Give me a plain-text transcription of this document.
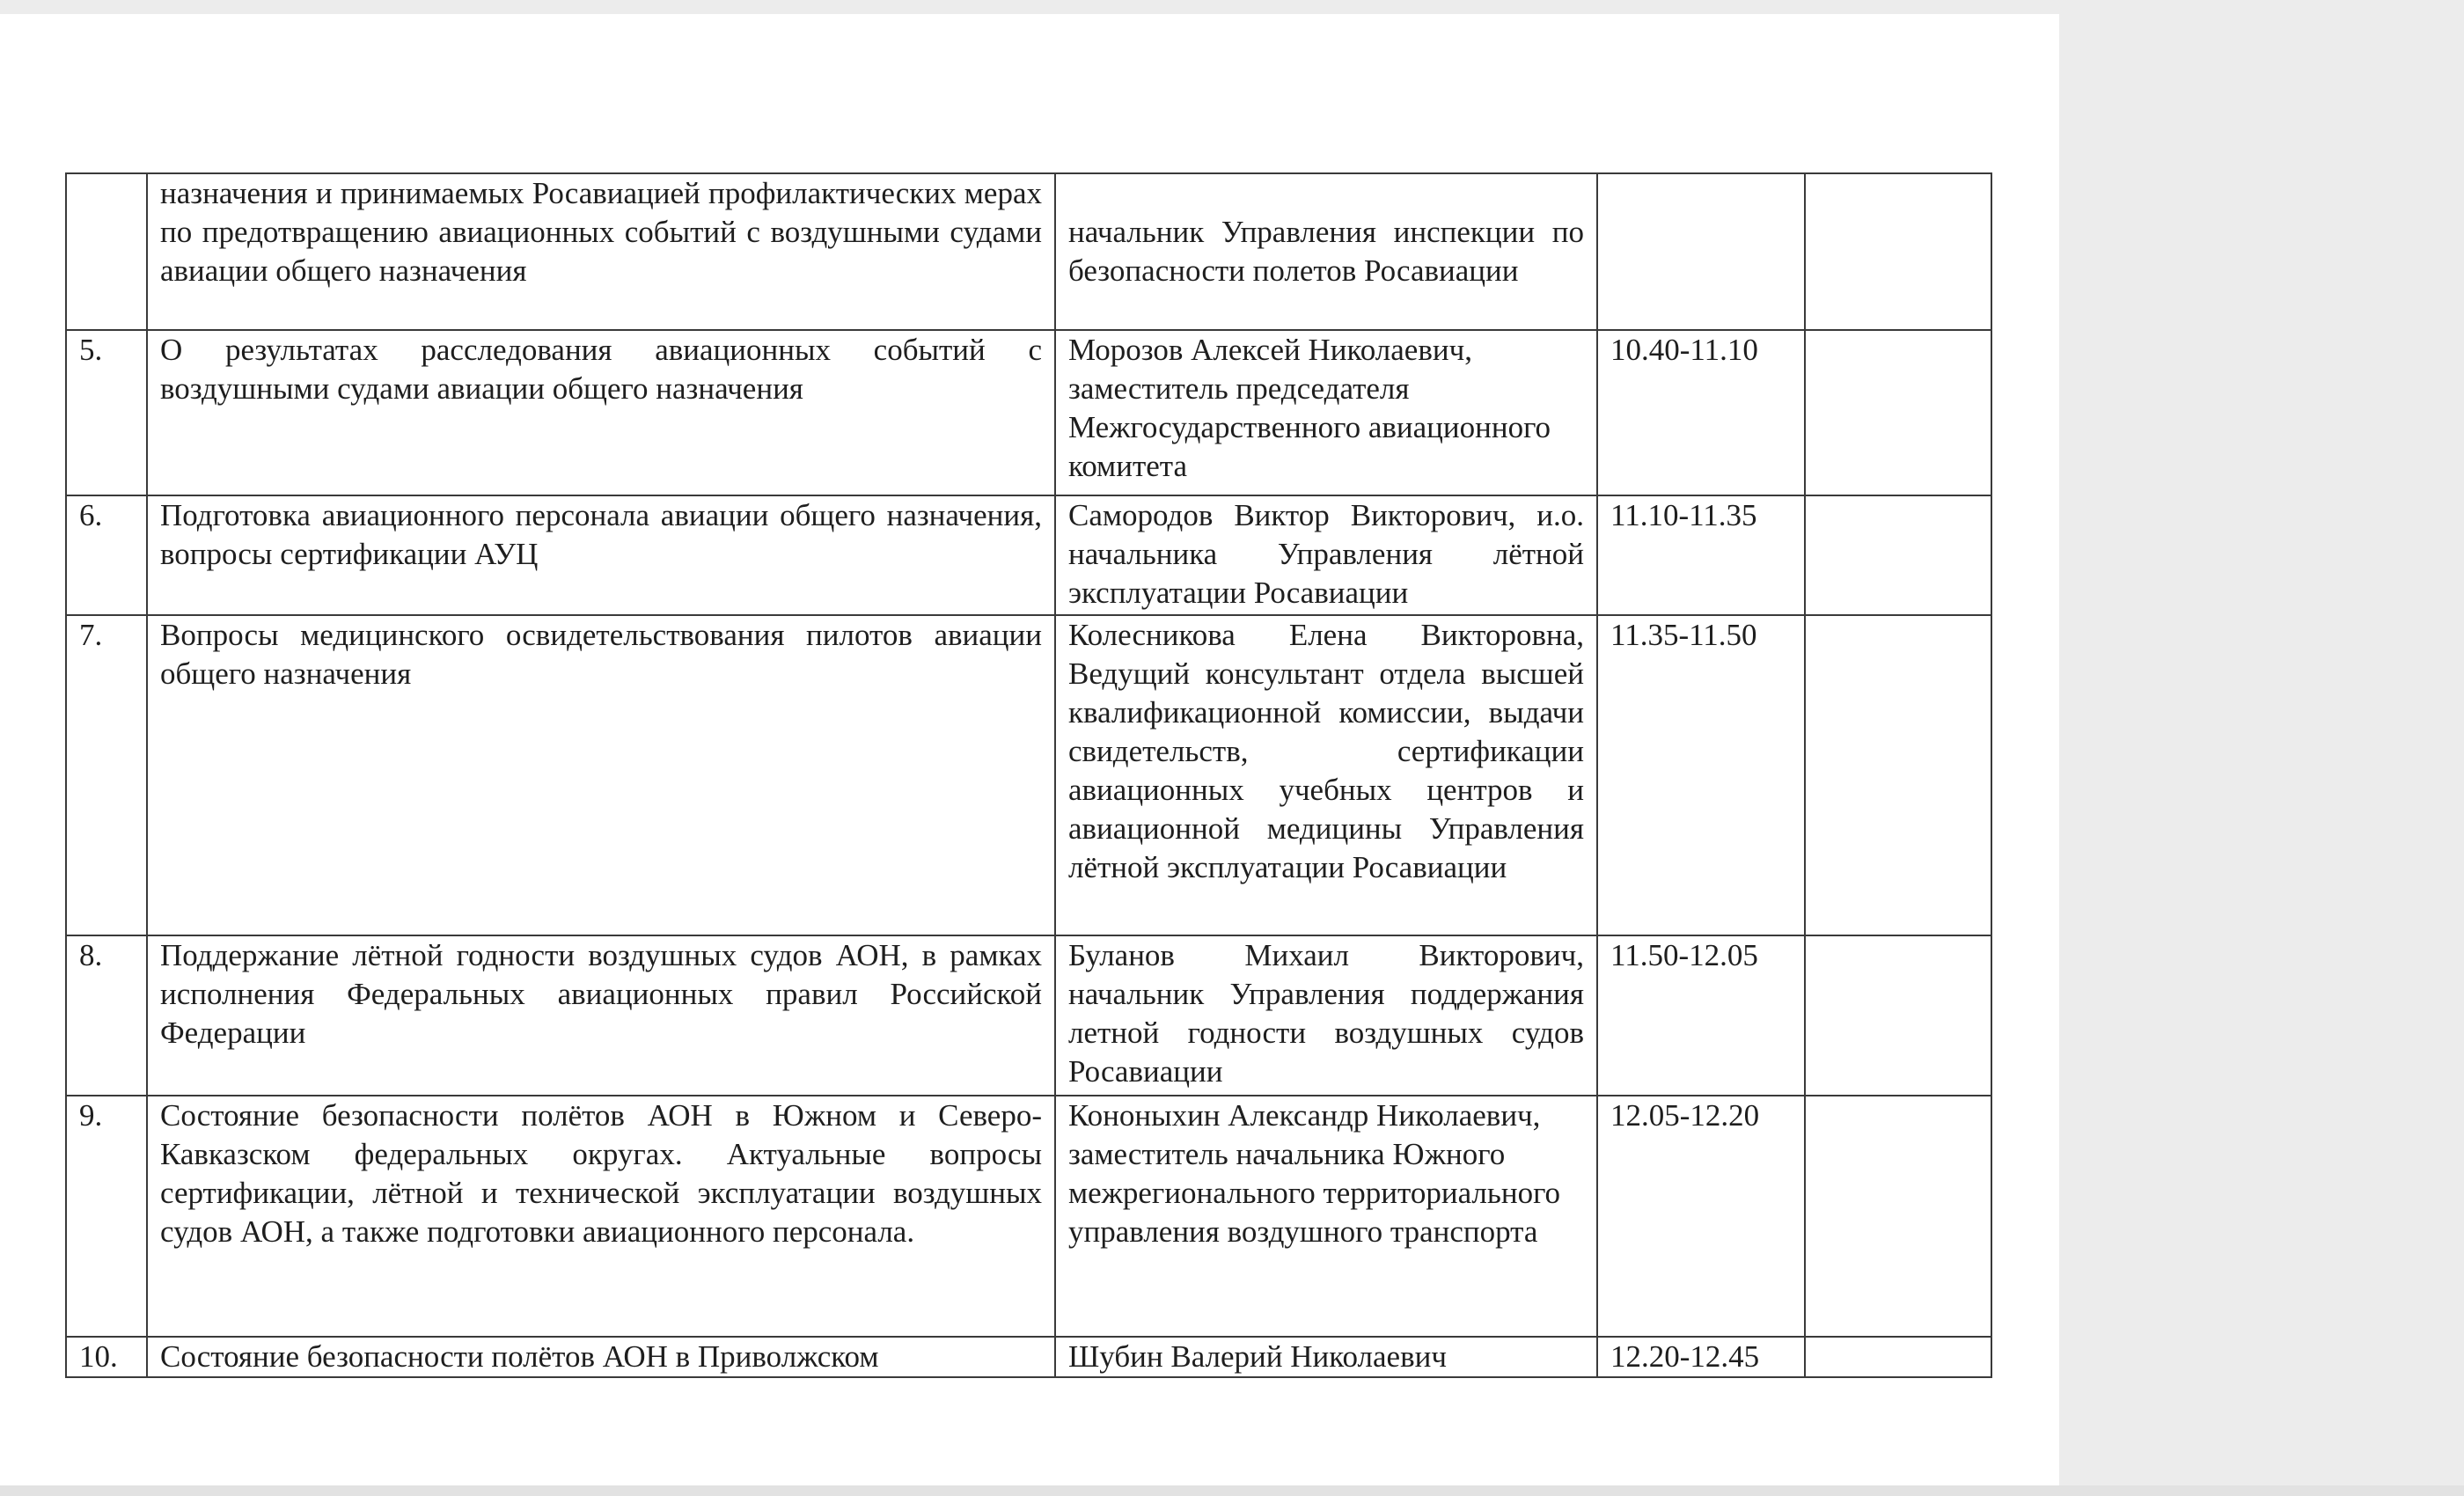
	назначения и принимаемых Росавиацией профилактических мерах по предотвращению авиационных событий с воздушными судами авиации общего назначения	начальник Управления инспекции по безопасности полетов Росавиации		
5.	О результатах расследования авиационных событий с воздушными судами авиации общего назначения	Морозов Алексей Николаевич, заместитель председателя Межгосударственного авиационного комитета	10.40-11.10	
6.	Подготовка авиационного персонала авиации общего назначения, вопросы сертификации АУЦ	Самородов Виктор Викторович, и.о. начальника Управления лётной эксплуатации Росавиации	11.10-11.35	
7.	Вопросы медицинского освидетельствования пилотов авиации общего назначения	Колесникова Елена Викторовна, Ведущий консультант отдела высшей квалификационной комиссии, выдачи свидетельств, сертификации авиационных учебных центров и авиационной медицины Управления лётной эксплуатации Росавиации	11.35-11.50	
8.	Поддержание лётной годности воздушных судов АОН, в рамках исполнения Федеральных авиационных правил Российской Федерации	Буланов Михаил Викторович, начальник Управления поддержания летной годности воздушных судов Росавиации	11.50-12.05	
9.	Состояние безопасности полётов АОН в Южном и Северо-Кавказском федеральных округах. Актуальные вопросы сертификации, лётной и технической эксплуатации воздушных судов АОН, а также подготовки авиационного персонала.	Кононыхин Александр Николаевич, заместитель начальника Южного межрегионального территориального управления воздушного транспорта	12.05-12.20	
10.	Состояние безопасности полётов АОН в Приволжском	Шубин Валерий Николаевич	12.20-12.45	
